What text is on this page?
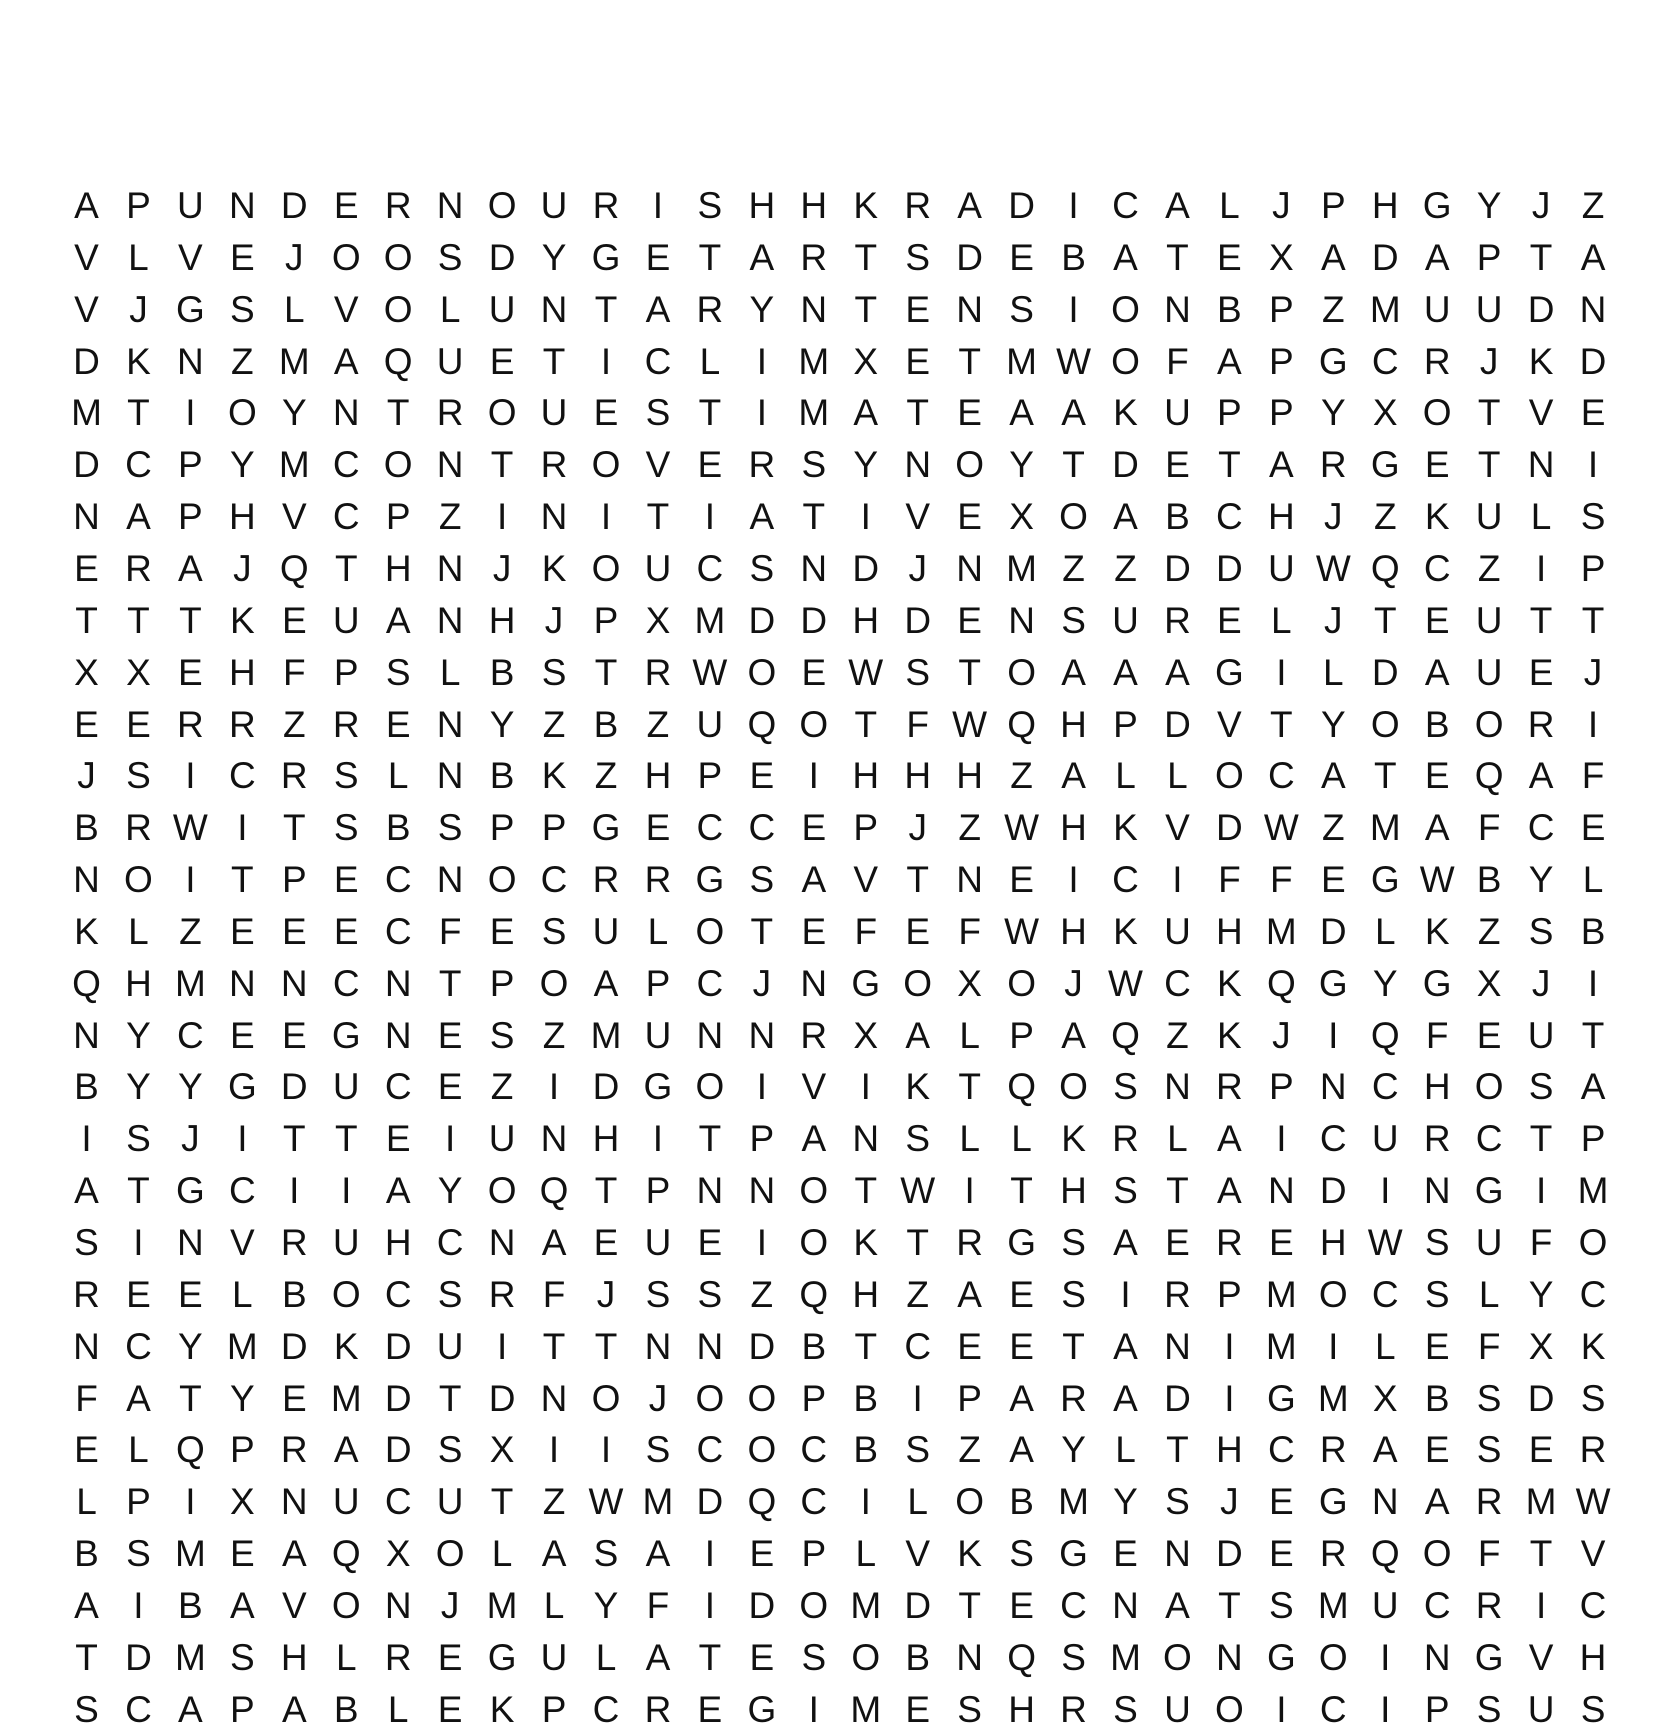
A P U N D E R N O U R I S H H K R A D I C A L J P H G Y J Z
V L V E J O O S D Y G E T A R T S D E B A T E X A D A P T A
V J G S L V O L U N T A R Y N T E N S I O N B P Z M U U D N
D K N Z M A Q U E T I C L I M X E T M W O F A P G C R J K D
M T I O Y N T R O U E S T I M A T E A A K U P P Y X O T V E
D C P Y M C O N T R O V E R S Y N O Y T D E T A R G E T N I
N A P H V C P Z I N I T I A T I V E X O A B C H J Z K U L S
E R A J Q T H N J K O U C S N D J N M Z Z D D U W Q C Z I P
T T T K E U A N H J P X M D D H D E N S U R E L J T E U T T
X X E H F P S L B S T R W O E W S T O A A A G I L D A U E J
E E R R Z R E N Y Z B Z U Q O T F W Q H P D V T Y O B O R I
J S I C R S L N B K Z H P E I H H H Z A L L O C A T E Q A F
B R W I T S B S P P G E C C E P J Z W H K V D W Z M A F C E
N O I T P E C N O C R R G S A V T N E I C I F F E G W B Y L
K L Z E E E C F E S U L O T E F E F W H K U H M D L K Z S B
Q H M N N C N T P O A P C J N G O X O J W C K Q G Y G X J	I
N Y C E E G N E S Z M U N N R X A L P A Q Z K J	I Q F E U T
B Y Y G D U C E Z I D G O I V I K T Q O S N R P N C H O S A
I S J	I T T E I U N H I T P A N S L L K R L A I C U R C T P
A T G C I	I A Y O Q T P N N O T W I T H S T A N D I N G I M
S I N V R U H C N A E U E I O K T R G S A E R E H W S U F O
R E E L B O C S R F J S S Z Q H Z A E S I R P M O C S L Y C
N C Y M D K D U I T T N N D B T C E E T A N I M I L E F X K
F A T Y E M D T D N O J O O P B I P A R A D I G M X B S D S
E L Q P R A D S X I	I S C O C B S Z A Y L T H C R A E S E R
L P I X N U C U T Z W M D Q C I L O B M Y S J E G N A R M W
B S M E A Q X O L A S A I E P L V K S G E N D E R Q O F T V
A I B A V O N J M L Y F I D O M D T E C N A T S M U C R I C
T D M S H L R E G U L A T E S O B N Q S M O N G O I N G V H
S C A P A B L E K P C R E G I M E S H R S U O I C I P S U S
